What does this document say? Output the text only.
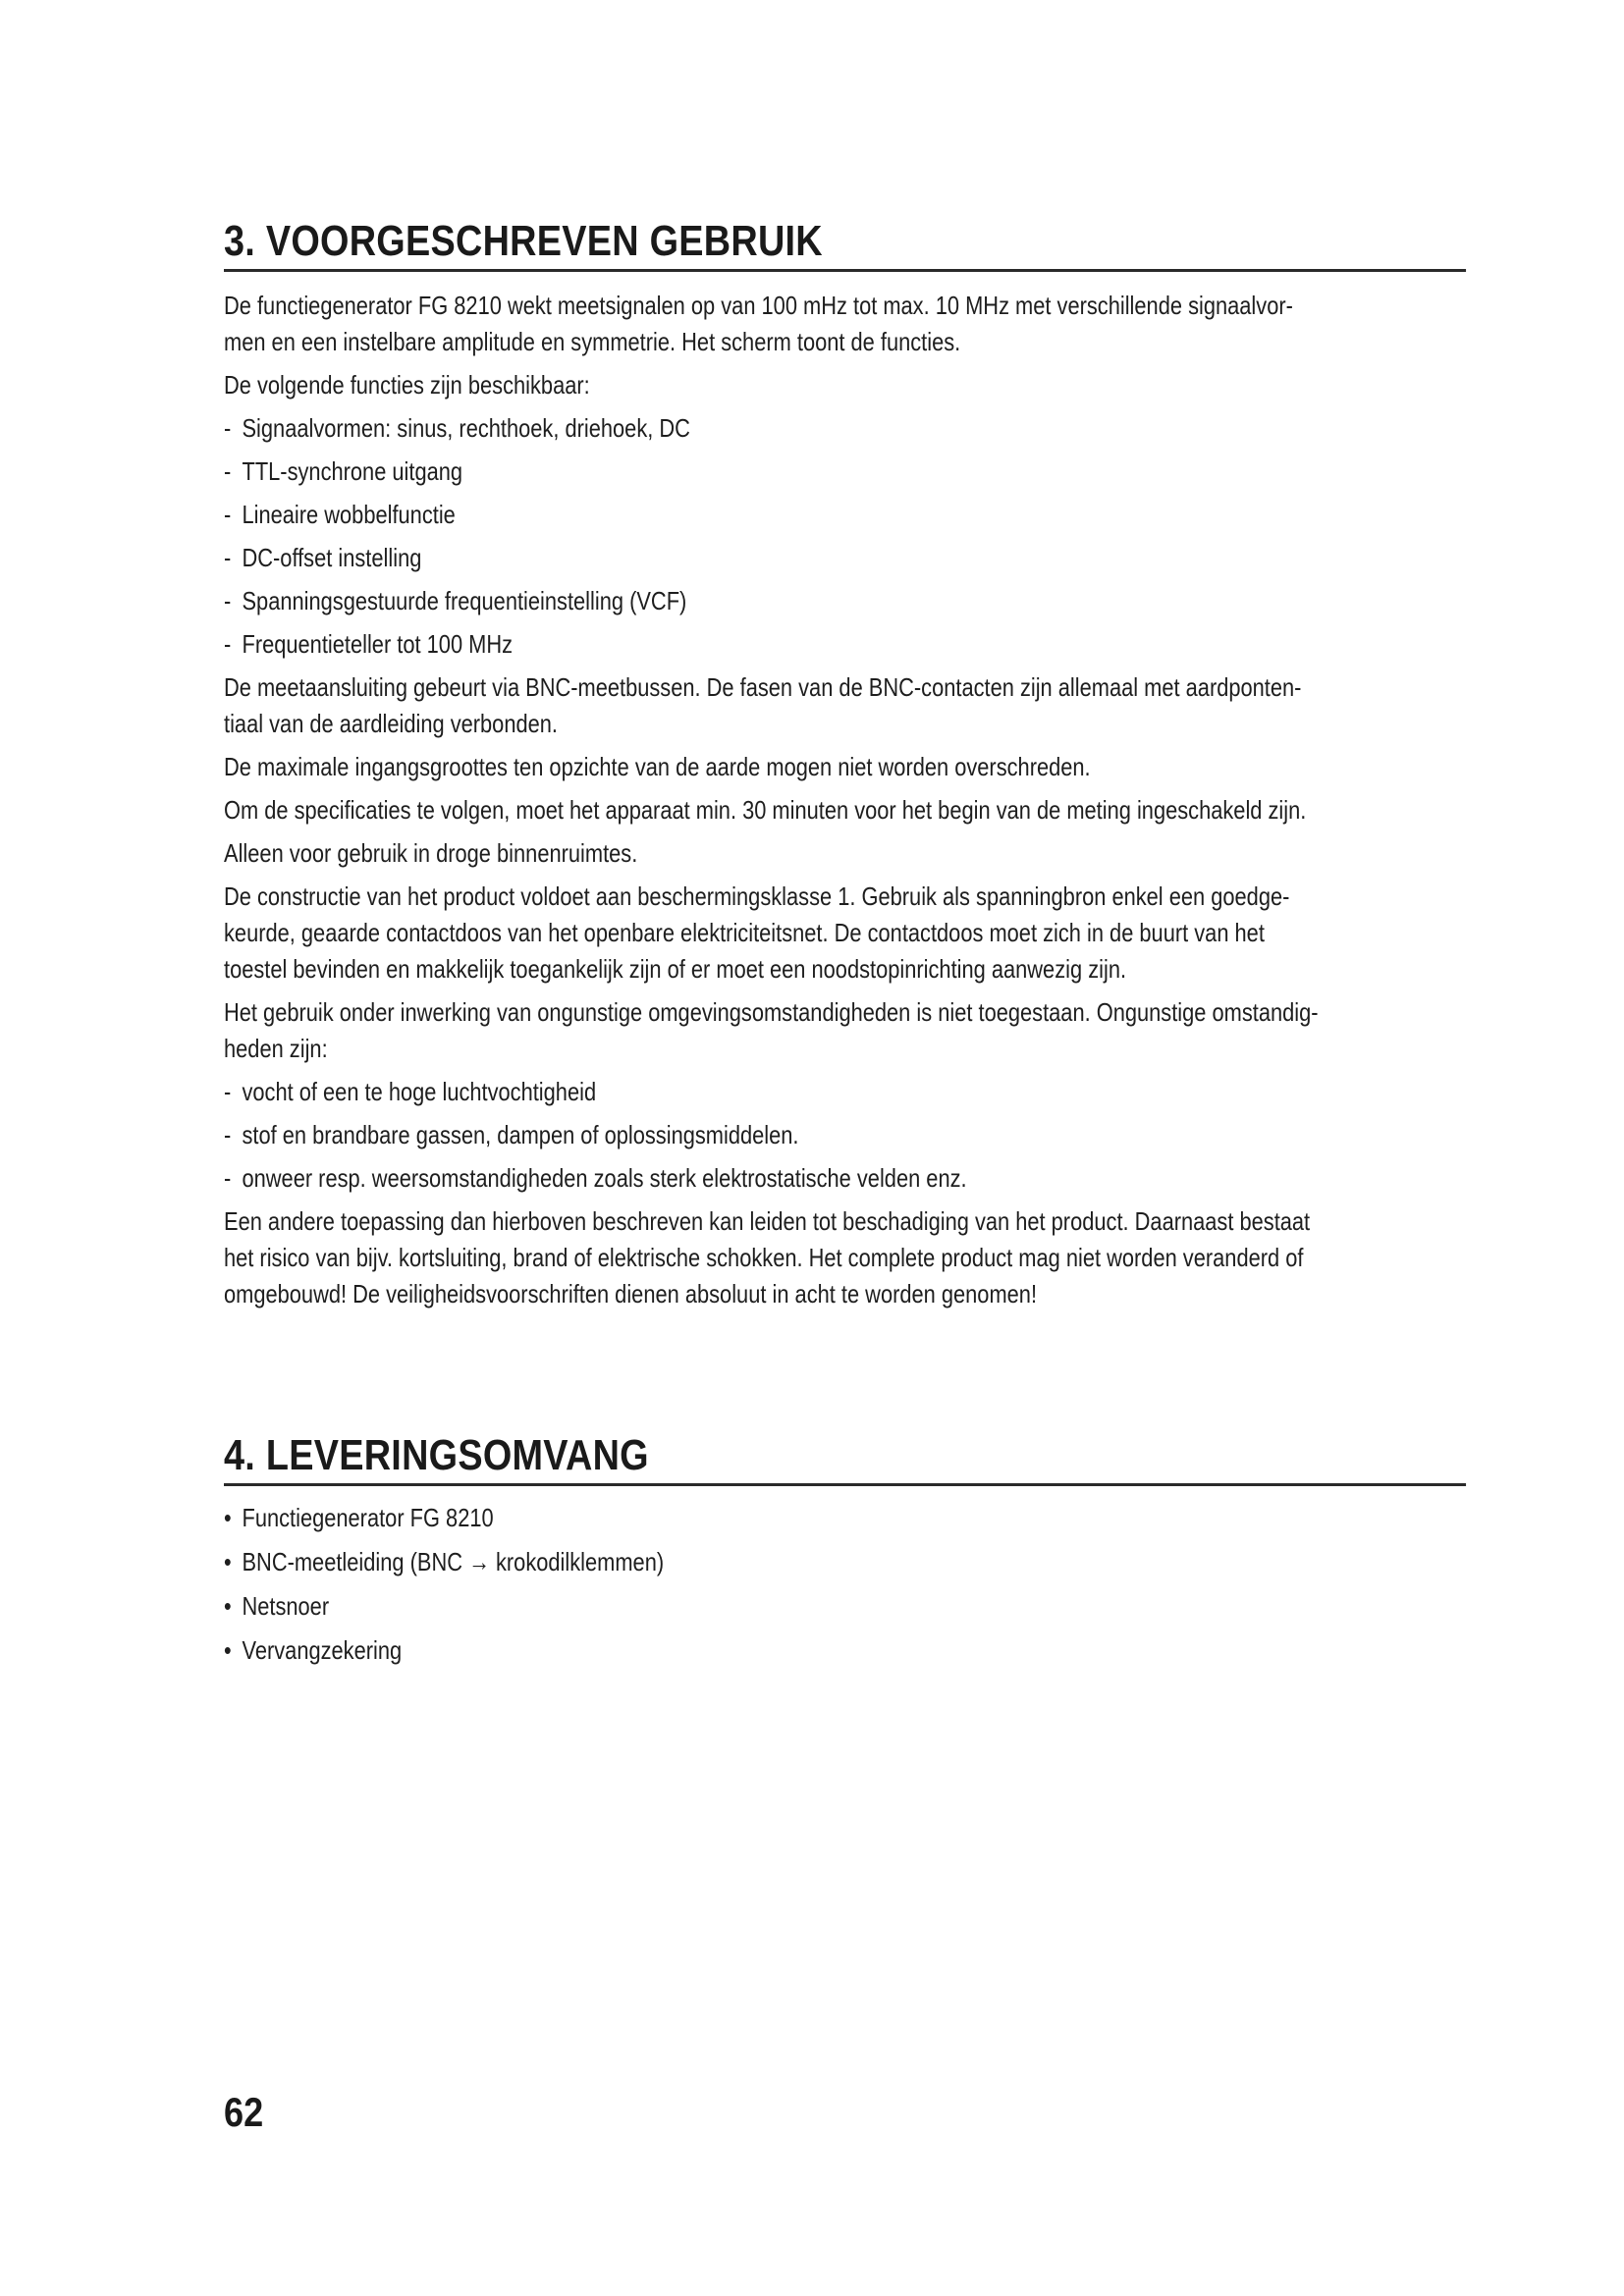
3. VOORGESCHREVEN GEBRUIK

De functiegenerator FG 8210 wekt meetsignalen op van 100 mHz tot max. 10 MHz met verschillende signaalvor-
men en een instelbare amplitude en symmetrie. Het scherm toont de functies.

De volgende functies zijn beschikbaar:

- Signaalvormen: sinus, rechthoek, driehoek, DC
- TTL-synchrone uitgang
- Lineaire wobbelfunctie
- DC-offset instelling
- Spanningsgestuurde frequentieinstelling (VCF)
- Frequentieteller tot 100 MHz

De meetaansluiting gebeurt via BNC-meetbussen. De fasen van de BNC-contacten zijn allemaal met aardponten-
tiaal van de aardleiding verbonden.

De maximale ingangsgroottes ten opzichte van de aarde mogen niet worden overschreden.

Om de specificaties te volgen, moet het apparaat min. 30 minuten voor het begin van de meting ingeschakeld zijn.

Alleen voor gebruik in droge binnenruimtes.

De constructie van het product voldoet aan beschermingsklasse 1. Gebruik als spanningbron enkel een goedge-
keurde, geaarde contactdoos van het openbare elektriciteitsnet. De contactdoos moet zich in de buurt van het
toestel bevinden en makkelijk toegankelijk zijn of er moet een noodstopinrichting aanwezig zijn.

Het gebruik onder inwerking van ongunstige omgevingsomstandigheden is niet toegestaan. Ongunstige omstandig-
heden zijn:

- vocht of een te hoge luchtvochtigheid
- stof en brandbare gassen, dampen of oplossingsmiddelen.
- onweer resp. weersomstandigheden zoals sterk elektrostatische velden enz.

Een andere toepassing dan hierboven beschreven kan leiden tot beschadiging van het product. Daarnaast bestaat
het risico van bijv. kortsluiting, brand of elektrische schokken. Het complete product mag niet worden veranderd of
omgebouwd! De veiligheidsvoorschriften dienen absoluut in acht te worden genomen!

4. LEVERINGSOMVANG
• Functiegenerator FG 8210
• BNC-meetleiding (BNC → krokodilklemmen)
• Netsnoer
• Vervangzekering
62
